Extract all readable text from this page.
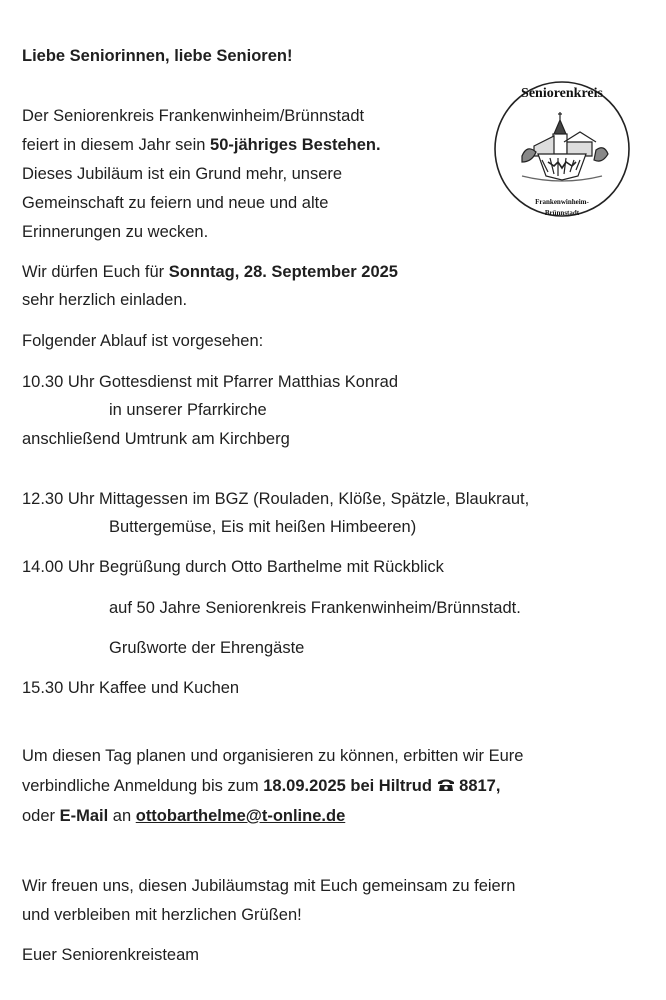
Liebe Seniorinnen, liebe Senioren!
Der Seniorenkreis Frankenwinheim/Brünnstadt
feiert in diesem Jahr sein 50-jähriges Bestehen.
Dieses Jubiläum ist ein Grund mehr, unsere
Gemeinschaft zu feiern und neue und alte
Erinnerungen zu wecken.
Wir dürfen Euch für Sonntag, 28. September 2025
sehr herzlich einladen.
Folgender Ablauf ist vorgesehen:
10.30 Uhr Gottesdienst mit Pfarrer Matthias Konrad
in unserer Pfarrkirche
anschließend Umtrunk am Kirchberg
12.30 Uhr Mittagessen im BGZ (Rouladen, Klöße, Spätzle, Blaukraut,
Buttergemüse, Eis mit heißen Himbeeren)
14.00 Uhr Begrüßung durch Otto Barthelme mit Rückblick
auf 50 Jahre Seniorenkreis Frankenwinheim/Brünnstadt.
Grußworte der Ehrengäste
15.30 Uhr Kaffee und Kuchen
Um diesen Tag planen und organisieren zu können, erbitten wir Eure
verbindliche Anmeldung bis zum 18.09.2025 bei Hiltrud 8817,
oder E-Mail an ottobarthelme@t-online.de
Wir freuen uns, diesen Jubiläumstag mit Euch gemeinsam zu feiern
und verbleiben mit herzlichen Grüßen!
Euer Seniorenkreisteam
Seniorenkreis
Frankenwinheim-
Brünnstadt
